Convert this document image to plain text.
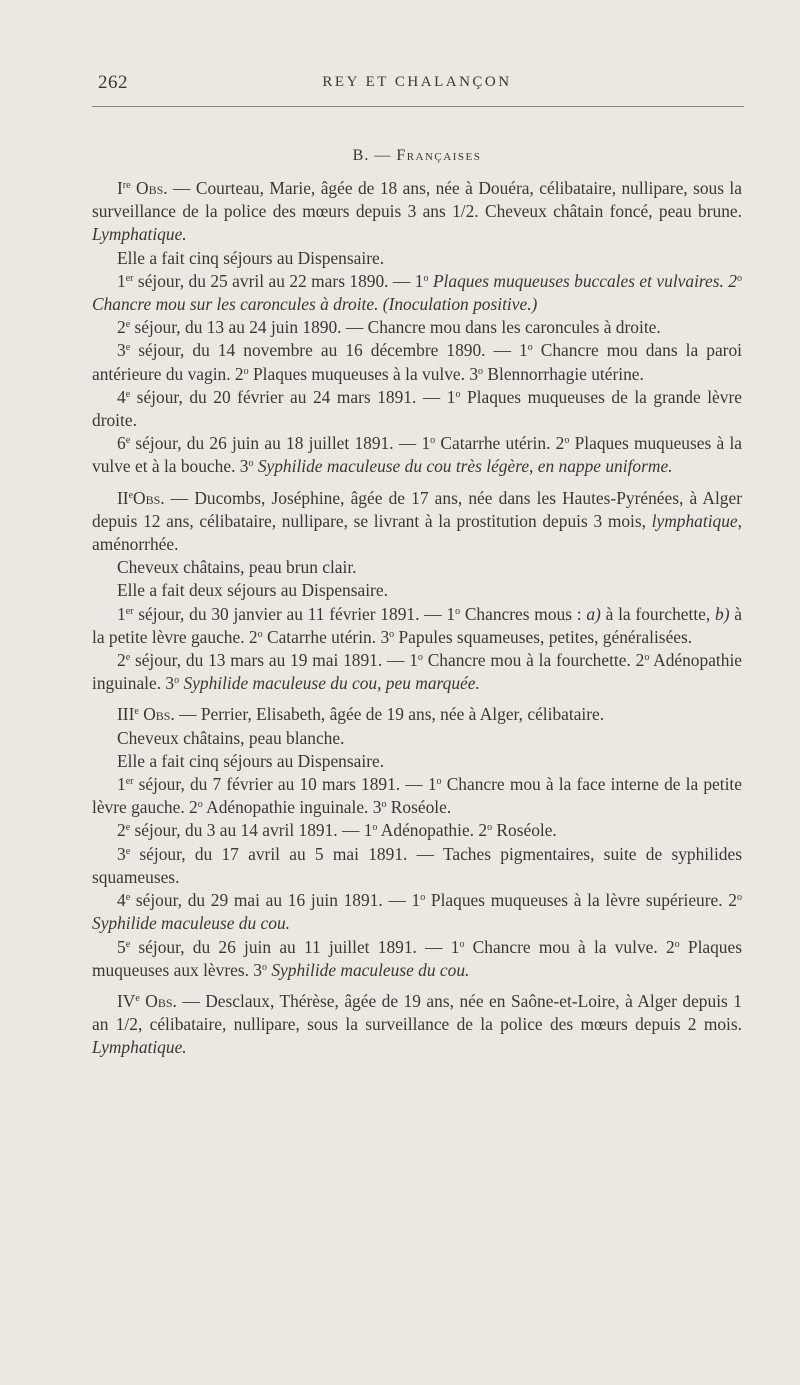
262	REY ET CHALANÇON
B. — Françaises

Ire Obs. — Courteau, Marie, âgée de 18 ans, née à Douéra, célibataire, nullipare, sous la surveillance de la police des mœurs depuis 3 ans 1/2. Cheveux châtain foncé, peau brune. Lymphatique.

Elle a fait cinq séjours au Dispensaire.

1er séjour, du 25 avril au 22 mars 1890. — 1$^o$ Plaques muqueuses buccales et vulvaires. 2$^o$ Chancre mou sur les caroncules à droite. (Inoculation positive.)

2e séjour, du 13 au 24 juin 1890. — Chancre mou dans les caroncules à droite.

3e séjour, du 14 novembre au 16 décembre 1890. — 1$^o$ Chancre mou dans la paroi antérieure du vagin. 2$^o$ Plaques muqueuses à la vulve. 3$^o$ Blennorrhagie utérine.

4e séjour, du 20 février au 24 mars 1891. — 1$^o$ Plaques muqueuses de la grande lèvre droite.

6e séjour, du 26 juin au 18 juillet 1891. — 1$^o$ Catarrhe utérin. 2$^o$ Plaques muqueuses à la vulve et à la bouche. 3$^o$ Syphilide maculeuse du cou très légère, en nappe uniforme.

IIeObs. — Ducombs, Joséphine, âgée de 17 ans, née dans les Hautes-Pyrénées, à Alger depuis 12 ans, célibataire, nullipare, se livrant à la prostitution depuis 3 mois, lymphatique, aménorrhée.

Cheveux châtains, peau brun clair.

Elle a fait deux séjours au Dispensaire.

1er séjour, du 30 janvier au 11 février 1891. — 1$^o$ Chancres mous : a) à la fourchette, b) à la petite lèvre gauche. 2$^o$ Catarrhe utérin. 3$^o$ Papules squameuses, petites, généralisées.

2e séjour, du 13 mars au 19 mai 1891. — 1$^o$ Chancre mou à la fourchette. 2$^o$ Adénopathie inguinale. 3$^o$ Syphilide maculeuse du cou, peu marquée.

IIIe Obs. — Perrier, Elisabeth, âgée de 19 ans, née à Alger, célibataire.

Cheveux châtains, peau blanche.

Elle a fait cinq séjours au Dispensaire.

1er séjour, du 7 février au 10 mars 1891. — 1$^o$ Chancre mou à la face interne de la petite lèvre gauche. 2$^o$ Adénopathie inguinale. 3$^o$ Roséole.

2e séjour, du 3 au 14 avril 1891. — 1$^o$ Adénopathie. 2$^o$ Roséole.

3e séjour, du 17 avril au 5 mai 1891. — Taches pigmentaires, suite de syphilides squameuses.

4e séjour, du 29 mai au 16 juin 1891. — 1$^o$ Plaques muqueuses à la lèvre supérieure. 2$^o$ Syphilide maculeuse du cou.

5e séjour, du 26 juin au 11 juillet 1891. — 1$^o$ Chancre mou à la vulve. 2$^o$ Plaques muqueuses aux lèvres. 3$^o$ Syphilide maculeuse du cou.

IVe Obs. — Desclaux, Thérèse, âgée de 19 ans, née en Saône-et-Loire, à Alger depuis 1 an 1/2, célibataire, nullipare, sous la surveillance de la police des mœurs depuis 2 mois. Lymphatique.
